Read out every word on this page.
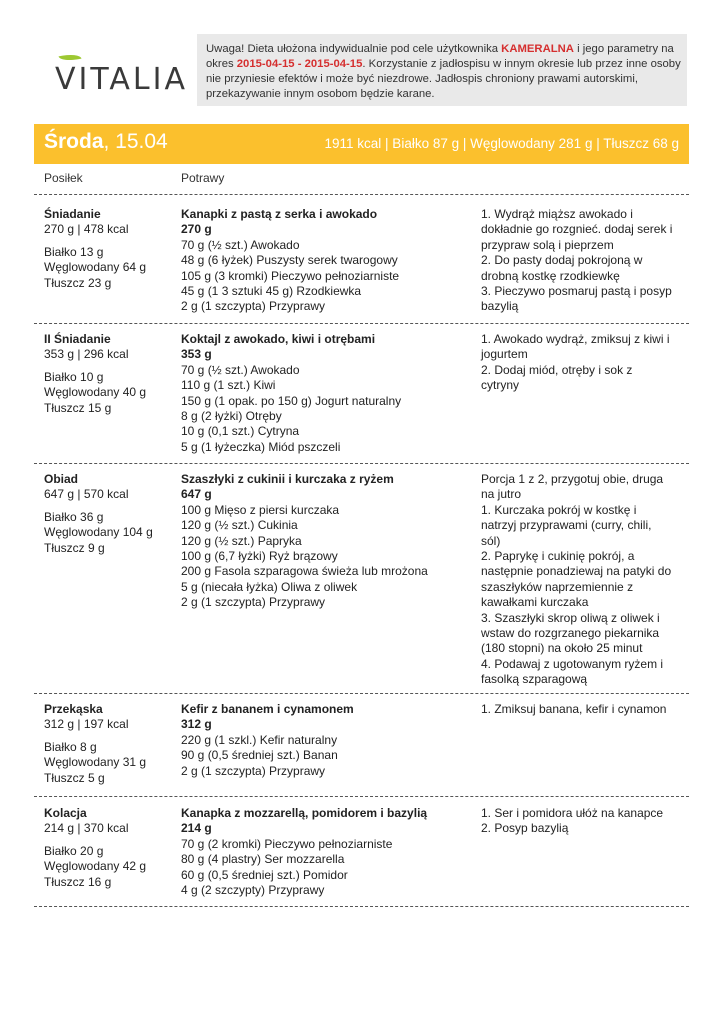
VITALIA
Uwaga! Dieta ułożona indywidualnie pod cele użytkownika KAMERALNA i jego parametry na okres 2015-04-15 - 2015-04-15. Korzystanie z jadłospisu w innym okresie lub przez inne osoby nie przyniesie efektów i może być niezdrowe. Jadłospis chroniony prawami autorskimi, przekazywanie innym osobom będzie karane.
Środa, 15.04	1911 kcal | Białko 87 g | Węglowodany 281 g | Tłuszcz 68 g
Posiłek	Potrawy
Śniadanie
270 g | 478 kcal
Białko 13 g
Węglowodany 64 g
Tłuszcz 23 g
Kanapki z pastą z serka i awokado
270 g
70 g (½ szt.) Awokado
48 g (6 łyżek) Puszysty serek twarogowy
105 g (3 kromki) Pieczywo pełnoziarniste
45 g (1 3 sztuki 45 g) Rzodkiewka
2 g (1 szczypta) Przyprawy
1. Wydrąż miąższ awokado i
dokładnie go rozgnieć. dodaj serek i
przypraw solą i pieprzem
2. Do pasty dodaj pokrojoną w
drobną kostkę rzodkiewkę
3. Pieczywo posmaruj pastą i posyp
bazylią
II Śniadanie
353 g | 296 kcal
Białko 10 g
Węglowodany 40 g
Tłuszcz 15 g
Koktajl z awokado, kiwi i otrębami
353 g
70 g (½ szt.) Awokado
110 g (1 szt.) Kiwi
150 g (1 opak. po 150 g) Jogurt naturalny
8 g (2 łyżki) Otręby
10 g (0,1 szt.) Cytryna
5 g (1 łyżeczka) Miód pszczeli
1. Awokado wydrąż, zmiksuj z kiwi i
jogurtem
2. Dodaj miód, otręby i sok z
cytryny
Obiad
647 g | 570 kcal
Białko 36 g
Węglowodany 104 g
Tłuszcz 9 g
Szaszłyki z cukinii i kurczaka z ryżem
647 g
100 g Mięso z piersi kurczaka
120 g (½ szt.) Cukinia
120 g (½ szt.) Papryka
100 g (6,7 łyżki) Ryż brązowy
200 g Fasola szparagowa świeża lub mrożona
5 g (niecała łyżka) Oliwa z oliwek
2 g (1 szczypta) Przyprawy
Porcja 1 z 2, przygotuj obie, druga
na jutro
1. Kurczaka pokrój w kostkę i
natrzyj przyprawami (curry, chili,
sól)
2. Paprykę i cukinię pokrój, a
następnie ponadziewaj na patyki do
szaszłyków naprzemiennie z
kawałkami kurczaka
3. Szaszłyki skrop oliwą z oliwek i
wstaw do rozgrzanego piekarnika
(180 stopni) na około 25 minut
4. Podawaj z ugotowanym ryżem i
fasolką szparagową
Przekąska
312 g | 197 kcal
Białko 8 g
Węglowodany 31 g
Tłuszcz 5 g
Kefir z bananem i cynamonem
312 g
220 g (1 szkl.) Kefir naturalny
90 g (0,5 średniej szt.) Banan
2 g (1 szczypta) Przyprawy
1. Zmiksuj banana, kefir i cynamon
Kolacja
214 g | 370 kcal
Białko 20 g
Węglowodany 42 g
Tłuszcz 16 g
Kanapka z mozzarellą, pomidorem i bazylią
214 g
70 g (2 kromki) Pieczywo pełnoziarniste
80 g (4 plastry) Ser mozzarella
60 g (0,5 średniej szt.) Pomidor
4 g (2 szczypty) Przyprawy
1. Ser i pomidora ułóż na kanapce
2. Posyp bazylią
